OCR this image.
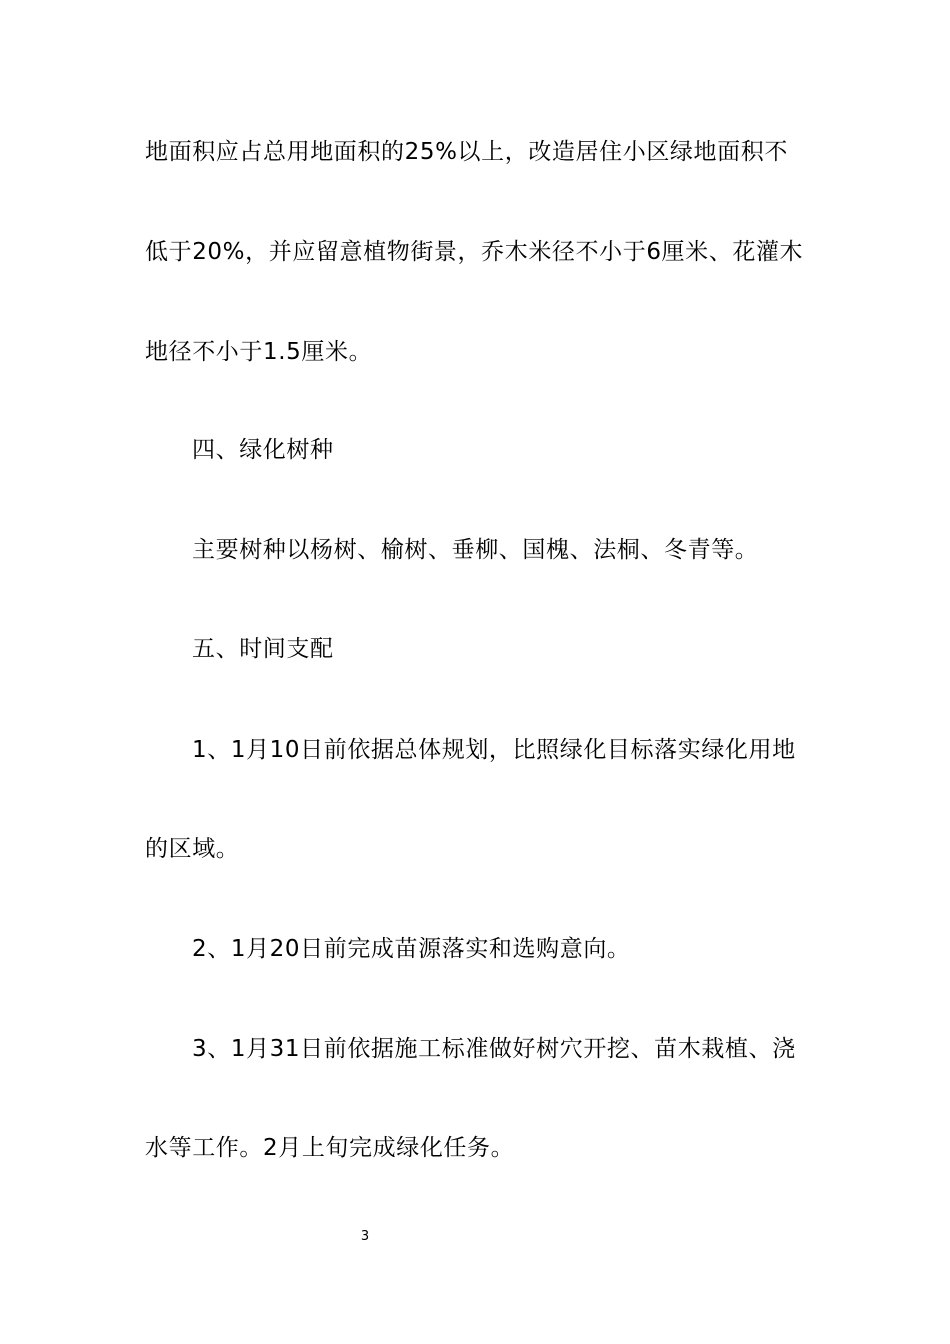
地面积应占总用地面积的25%以上，改造居住小区绿地面积不
低于20%，并应留意植物街景，乔木米径不小于6厘米、花灌木
地径不小于1.5厘米。
四、绿化树种
主要树种以杨树、榆树、垂柳、国槐、法桐、冬青等。
五、时间支配
1、1月10日前依据总体规划，比照绿化目标落实绿化用地
的区域。
2、1月20日前完成苗源落实和选购意向。
3、1月31日前依据施工标准做好树穴开挖、苗木栽植、浇
水等工作。2月上旬完成绿化任务。
3
